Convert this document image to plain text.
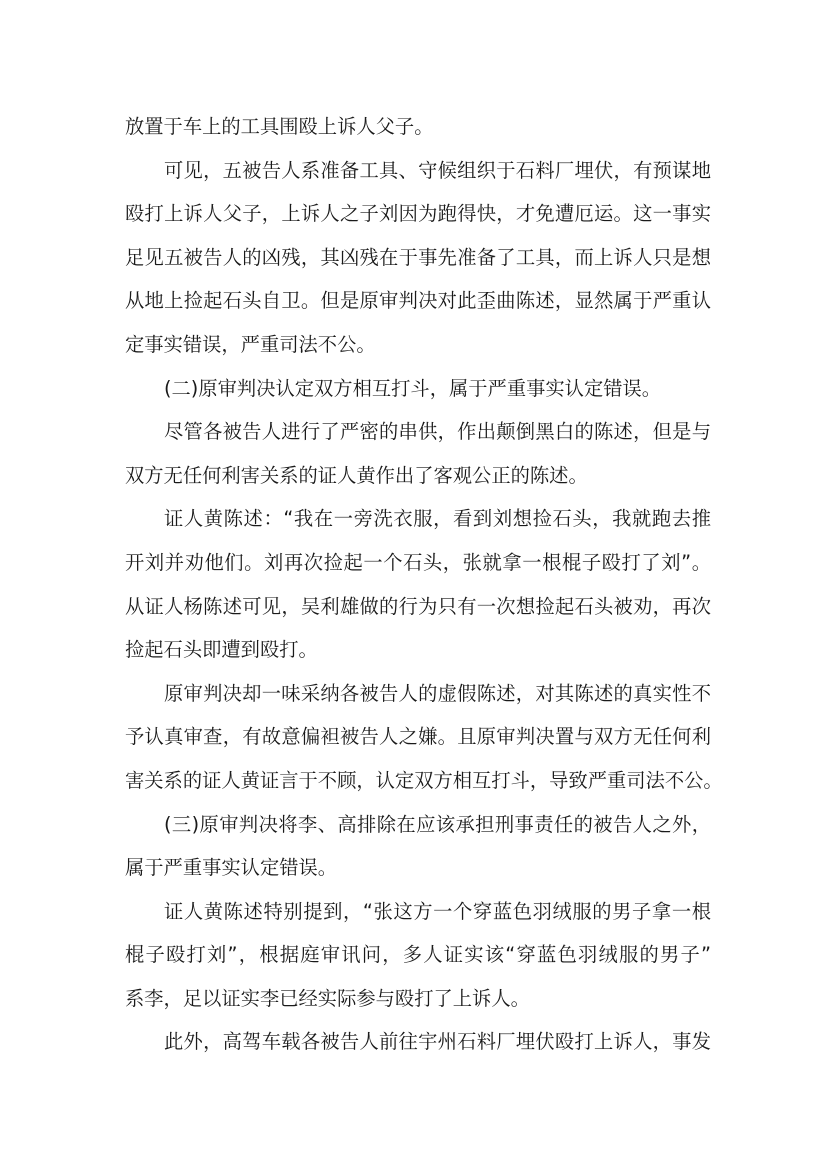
放置于车上的工具围殴上诉人父子。
可见，五被告人系准备工具、守候组织于石料厂埋伏，有预谋地
殴打上诉人父子，上诉人之子刘因为跑得快，才免遭厄运。这一事实
足见五被告人的凶残，其凶残在于事先准备了工具，而上诉人只是想
从地上捡起石头自卫。但是原审判决对此歪曲陈述，显然属于严重认
定事实错误，严重司法不公。
(二)原审判决认定双方相互打斗，属于严重事实认定错误。
尽管各被告人进行了严密的串供，作出颠倒黑白的陈述，但是与
双方无任何利害关系的证人黄作出了客观公正的陈述。
证人黄陈述：“我在一旁洗衣服，看到刘想捡石头，我就跑去推
开刘并劝他们。刘再次捡起一个石头，张就拿一根棍子殴打了刘”。
从证人杨陈述可见，吴利雄做的行为只有一次想捡起石头被劝，再次
捡起石头即遭到殴打。
原审判决却一味采纳各被告人的虚假陈述，对其陈述的真实性不
予认真审查，有故意偏袒被告人之嫌。且原审判决置与双方无任何利
害关系的证人黄证言于不顾，认定双方相互打斗，导致严重司法不公。
(三)原审判决将李、高排除在应该承担刑事责任的被告人之外，
属于严重事实认定错误。
证人黄陈述特别提到，“张这方一个穿蓝色羽绒服的男子拿一根
棍子殴打刘”，根据庭审讯问，多人证实该“穿蓝色羽绒服的男子”
系李，足以证实李已经实际参与殴打了上诉人。
此外，高驾车载各被告人前往宇州石料厂埋伏殴打上诉人，事发
